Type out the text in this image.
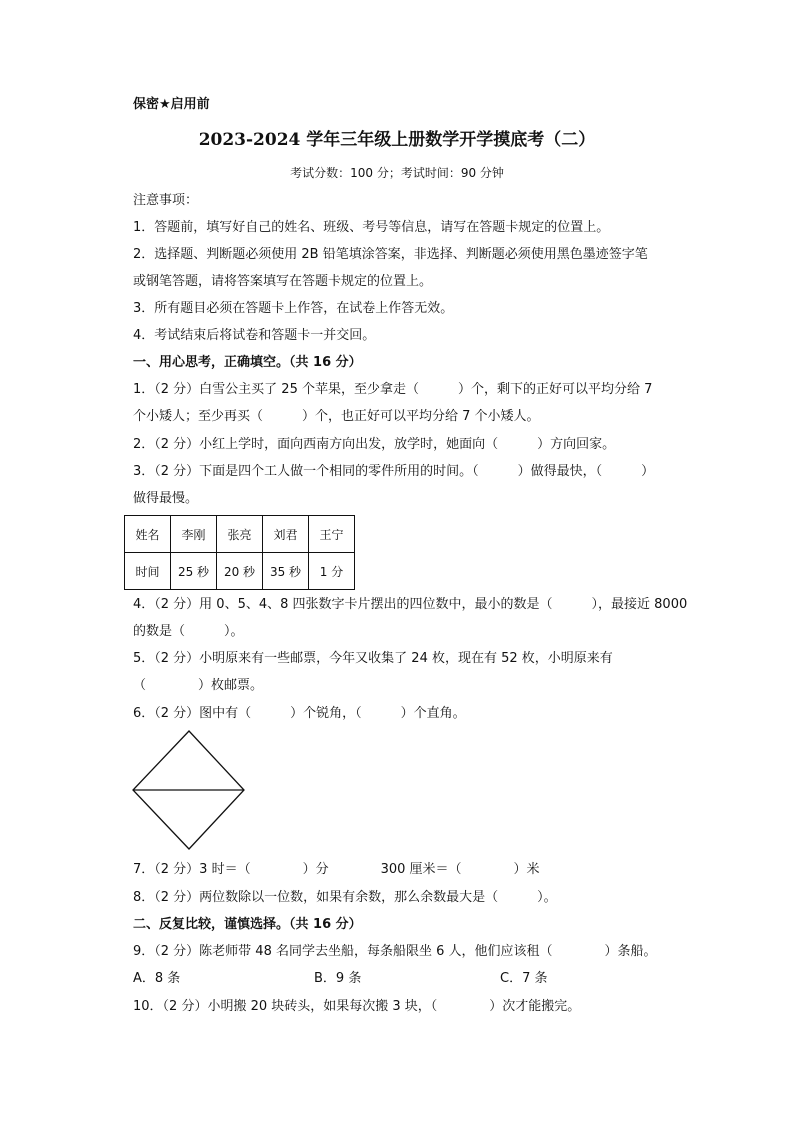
保密★启用前
2023-2024 学年三年级上册数学开学摸底考（二）
考试分数：100 分；考试时间：90 分钟
注意事项：
1．答题前，填写好自己的姓名、班级、考号等信息，请写在答题卡规定的位置上。
2．选择题、判断题必须使用 2B 铅笔填涂答案，非选择、判断题必须使用黑色墨迹签字笔
或钢笔答题，请将答案填写在答题卡规定的位置上。
3．所有题目必须在答题卡上作答，在试卷上作答无效。
4．考试结束后将试卷和答题卡一并交回。
一、用心思考，正确填空。（共 16 分）
1．（2 分）白雪公主买了 25 个苹果，至少拿走（　　　）个，剩下的正好可以平均分给 7
个小矮人；至少再买（　　　）个，也正好可以平均分给 7 个小矮人。
2．（2 分）小红上学时，面向西南方向出发，放学时，她面向（　　　）方向回家。
3．（2 分）下面是四个工人做一个相同的零件所用的时间。（　　　）做得最快，（　　　）
做得最慢。
姓名	李刚	张亮	刘君	王宁
时间	25 秒	20 秒	35 秒	1 分
4．（2 分）用 0、5、4、8 四张数字卡片摆出的四位数中，最小的数是（　　　），最接近 8000
的数是（　　　）。
5．（2 分）小明原来有一些邮票，今年又收集了 24 枚，现在有 52 枚，小明原来有
（　　　　）枚邮票。
6．（2 分）图中有（　　　）个锐角，（　　　）个直角。
7．（2 分）3 时＝（　　　　）分　　　　300 厘米＝（　　　　）米
8．（2 分）两位数除以一位数，如果有余数，那么余数最大是（　　　）。
二、反复比较，谨慎选择。（共 16 分）
9．（2 分）陈老师带 48 名同学去坐船，每条船限坐 6 人，他们应该租（　　　　）条船。
A．8 条	B．9 条	C．7 条
10．（2 分）小明搬 20 块砖头，如果每次搬 3 块，（　　　　）次才能搬完。
